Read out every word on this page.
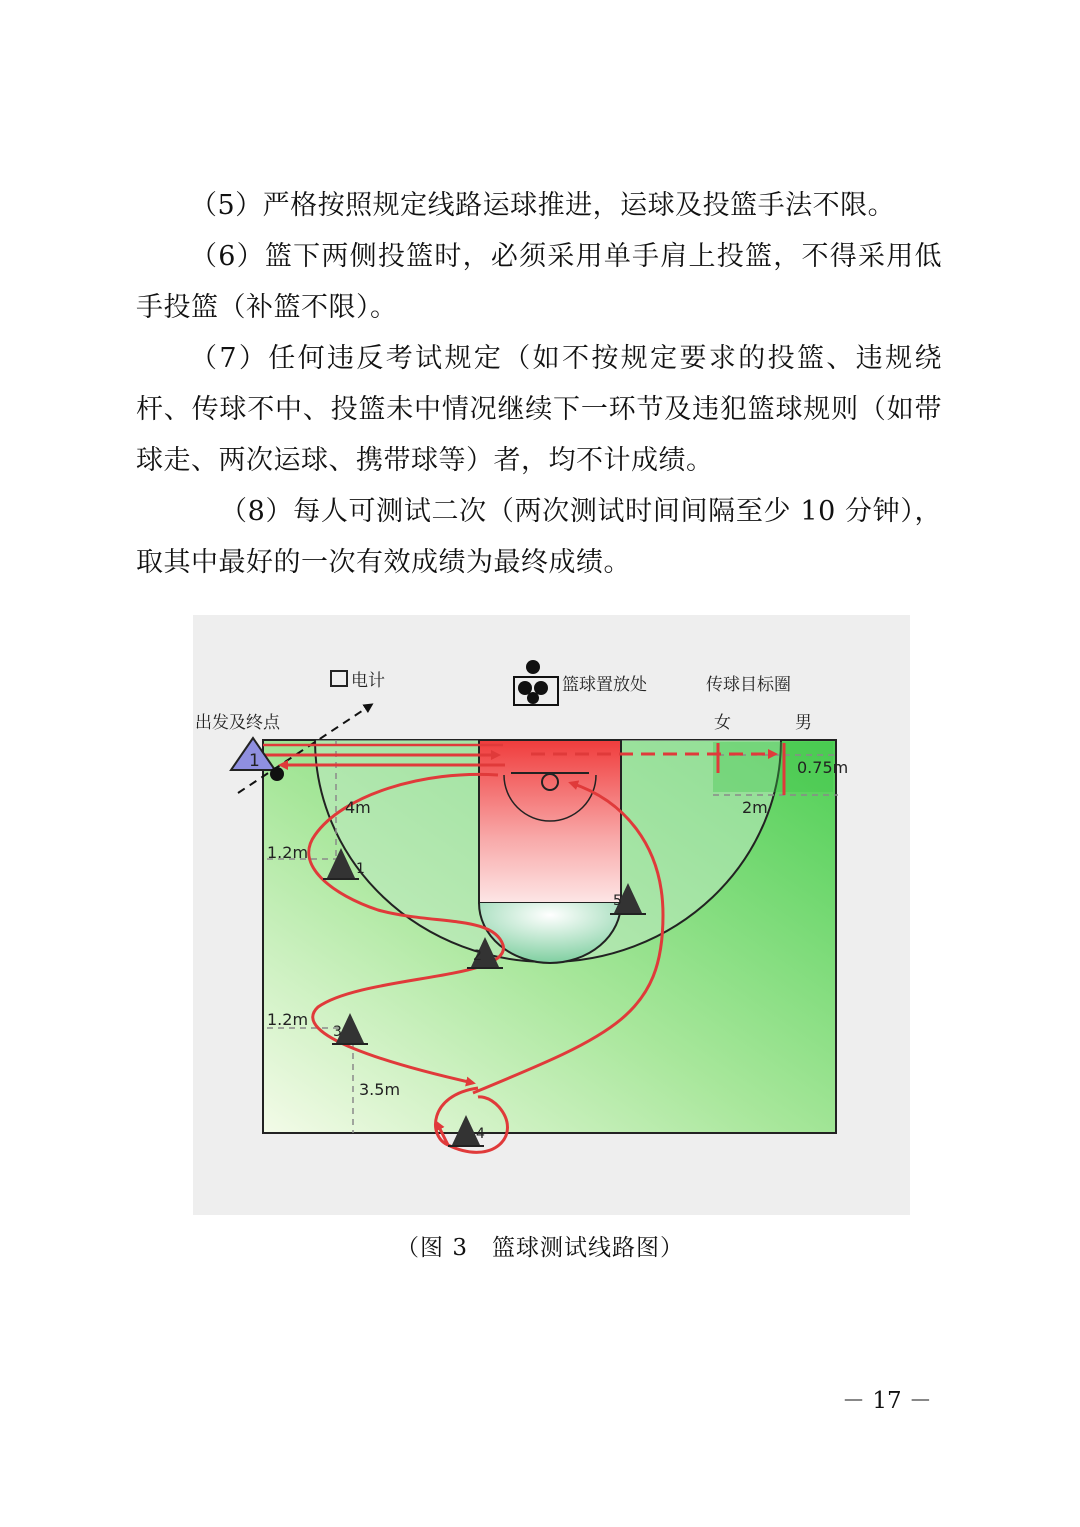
（5）严格按照规定线路运球推进，运球及投篮手法不限。

（6）篮下两侧投篮时，必须采用单手肩上投篮，不得采用低手投篮（补篮不限）。

（7）任何违反考试规定（如不按规定要求的投篮、违规绕杆、传球不中、投篮未中情况继续下一环节及违犯篮球规则（如带球走、两次运球、携带球等）者，均不计成绩。

（8）每人可测试二次（两次测试时间间隔至少 10 分钟），取其中最好的一次有效成绩为最终成绩。

1
1
2
3
4
5
电计
出发及终点
篮球置放处	传球目标圈
女	男
4m
1.2m
1.2m
3.5m
0.75m
2m
（图 3　篮球测试线路图）
－ 17 －
